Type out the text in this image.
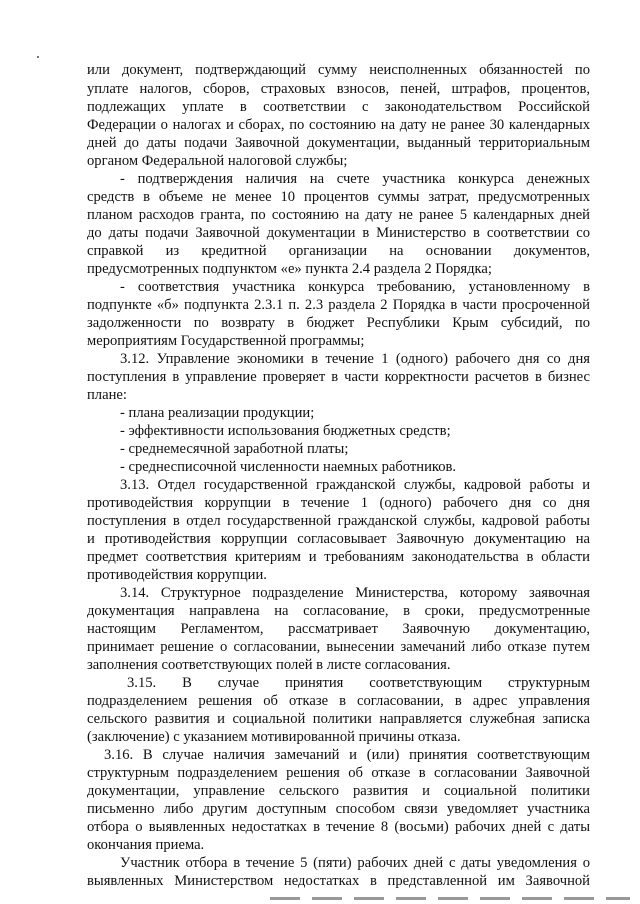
или документ, подтверждающий сумму неисполненных обязанностей по
уплате налогов, сборов, страховых взносов, пеней, штрафов, процентов,
подлежащих уплате в соответствии с законодательством Российской
Федерации о налогах и сборах, по состоянию на дату не ранее 30 календарных
дней до даты подачи Заявочной документации, выданный территориальным
органом Федеральной налоговой службы;
- подтверждения наличия на счете участника конкурса денежных
средств в объеме не менее 10 процентов суммы затрат, предусмотренных
планом расходов гранта, по состоянию на дату не ранее 5 календарных дней
до даты подачи Заявочной документации в Министерство в соответствии со
справкой из кредитной организации на основании документов,
предусмотренных подпунктом «е» пункта 2.4 раздела 2 Порядка;
- соответствия участника конкурса требованию, установленному в
подпункте «б» подпункта 2.3.1 п. 2.3 раздела 2 Порядка в части просроченной
задолженности по возврату в бюджет Республики Крым субсидий, по
мероприятиям Государственной программы;
3.12. Управление экономики в течение 1 (одного) рабочего дня со дня
поступления в управление проверяет в части корректности расчетов в бизнес
плане:
- плана реализации продукции;
- эффективности использования бюджетных средств;
- среднемесячной заработной платы;
- среднесписочной численности наемных работников.
3.13. Отдел государственной гражданской службы, кадровой работы и
противодействия коррупции в течение 1 (одного) рабочего дня со дня
поступления в отдел государственной гражданской службы, кадровой работы
и противодействия коррупции согласовывает Заявочную документацию на
предмет соответствия критериям и требованиям законодательства в области
противодействия коррупции.
3.14. Структурное подразделение Министерства, которому заявочная
документация направлена на согласование, в сроки, предусмотренные
настоящим Регламентом, рассматривает Заявочную документацию,
принимает решение о согласовании, вынесении замечаний либо отказе путем
заполнения соответствующих полей в листе согласования.
3.15. В случае принятия соответствующим структурным
подразделением решения об отказе в согласовании, в адрес управления
сельского развития и социальной политики направляется служебная записка
(заключение) с указанием мотивированной причины отказа.
3.16. В случае наличия замечаний и (или) принятия соответствующим
структурным подразделением решения об отказе в согласовании Заявочной
документации, управление сельского развития и социальной политики
письменно либо другим доступным способом связи уведомляет участника
отбора о выявленных недостатках в течение 8 (восьми) рабочих дней с даты
окончания приема.
Участник отбора в течение 5 (пяти) рабочих дней с даты уведомления о
выявленных Министерством недостатках в представленной им Заявочной
